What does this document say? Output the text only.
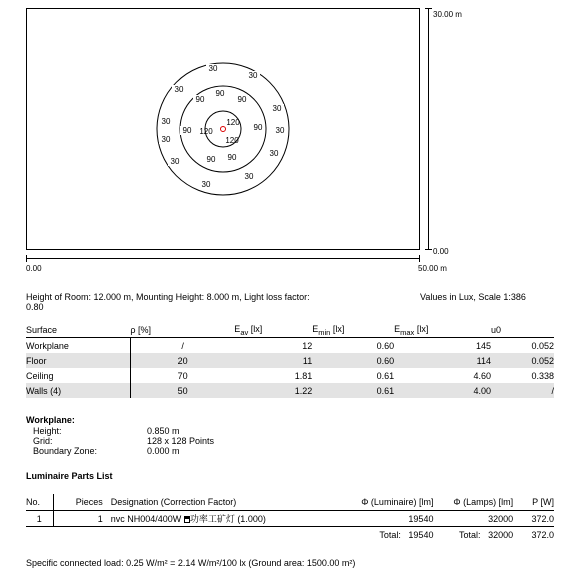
30
30
30
30
30
30
30
30
30
30
30
90
90
90
90	90
90 90
120
120
120
30.00 m
0.00
0.00	50.00 m
Height of Room: 12.000 m, Mounting Height: 8.000 m, Light loss factor:
0.80
Values in Lux, Scale 1:386
Surface	ρ [%]	$E_{av}$ [lx]	$E_{min}$ [lx]	$E_{max}$ [lx]	u0
Workplane	/	12	0.60	145	0.052
Floor	20	11	0.60	114	0.052
Ceiling	70	1.81	0.61	4.60	0.338
Walls (4)	50	1.22	0.61	4.00	/
Workplane:
Height:	0.850 m
Grid:	128 x 128 Points
Boundary Zone:	0.000 m
Luminaire Parts List
No.	Pieces	Designation (Correction Factor)	Φ (Luminaire) [lm]	Φ (Lamps) [lm]	P [W]
1	1	nvc NH004/400W 功率工矿灯 (1.000)	19540	32000	372.0
			Total: 19540	Total: 32000	372.0
Specific connected load: 0.25 W/m² = 2.14 W/m²/100 lx (Ground area: 1500.00 m²)
